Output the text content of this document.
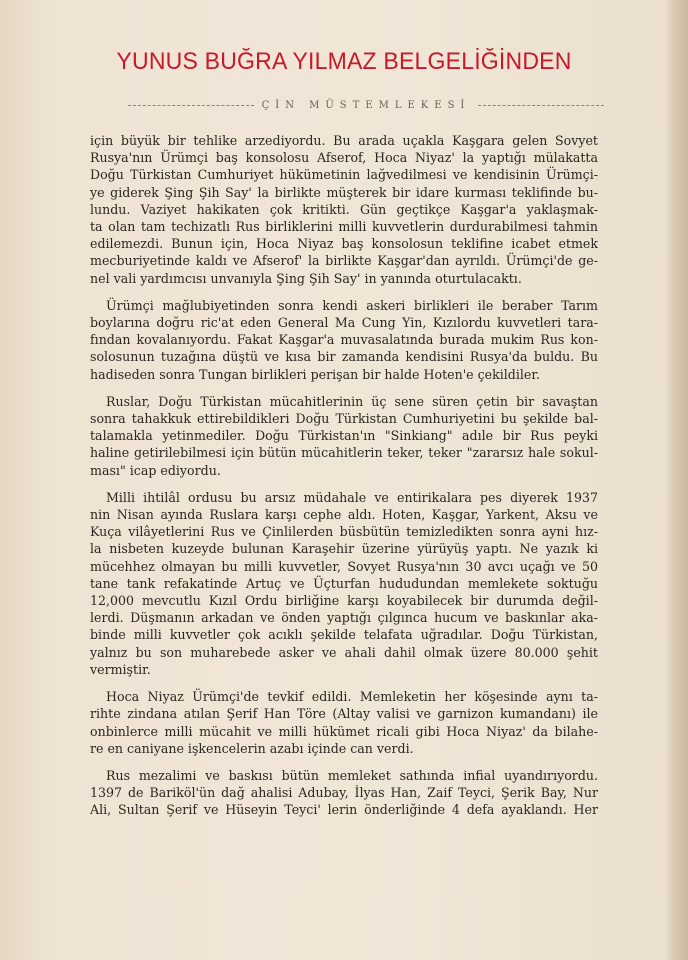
YUNUS BUĞRA YILMAZ BELGELİĞİNDEN
ÇİN MÜSTEMLEKESİ

için büyük bir tehlike arzediyordu. Bu arada uçakla Kaşgara gelen Sovyet
Rusya'nın Ürümçi baş konsolosu Afserof, Hoca Niyaz' la yaptığı mülakatta
Doğu Türkistan Cumhuriyet hükümetinin lağvedilmesi ve kendisinin Ürümçi-
ye giderek Şing Şih Say' la birlikte müşterek bir idare kurması teklifinde bu-
lundu. Vaziyet hakikaten çok kritikti. Gün geçtikçe Kaşgar'a yaklaşmak-
ta olan tam techizatlı Rus birliklerini milli kuvvetlerin durdurabilmesi tahmin
edilemezdi. Bunun için, Hoca Niyaz baş konsolosun teklifine icabet etmek
mecburiyetinde kaldı ve Afserof' la birlikte Kaşgar'dan ayrıldı. Ürümçi'de ge-
nel vali yardımcısı unvanıyla Şing Şih Say' in yanında oturtulacaktı.

Ürümçi mağlubiyetinden sonra kendi askeri birlikleri ile beraber Tarım
boylarına doğru ric'at eden General Ma Cung Yin, Kızılordu kuvvetleri tara-
fından kovalanıyordu. Fakat Kaşgar'a muvasalatında burada mukim Rus kon-
solosunun tuzağına düştü ve kısa bir zamanda kendisini Rusya'da buldu. Bu
hadiseden sonra Tungan birlikleri perişan bir halde Hoten'e çekildiler.

Ruslar, Doğu Türkistan mücahitlerinin üç sene süren çetin bir savaştan
sonra tahakkuk ettirebildikleri Doğu Türkistan Cumhuriyetini bu şekilde bal-
talamakla yetinmediler. Doğu Türkistan'ın "Sinkiang" adıle bir Rus peyki
haline getirilebilmesi için bütün mücahitlerin teker, teker "zararsız hale sokul-
ması" icap ediyordu.

Milli ihtilâl ordusu bu arsız müdahale ve entirikalara pes diyerek 1937
nin Nisan ayında Ruslara karşı cephe aldı. Hoten, Kaşgar, Yarkent, Aksu ve
Kuça vilâyetlerini Rus ve Çinlilerden büsbütün temizledikten sonra ayni hız-
la nisbeten kuzeyde bulunan Karaşehir üzerine yürüyüş yaptı. Ne yazık ki
mücehhez olmayan bu milli kuvvetler, Sovyet Rusya'nın 30 avcı uçağı ve 50
tane tank refakatinde Artuç ve Üçturfan hududundan memlekete soktuğu
12,000 mevcutlu Kızıl Ordu birliğine karşı koyabilecek bir durumda değil-
lerdi. Düşmanın arkadan ve önden yaptığı çılgınca hucum ve baskınlar aka-
binde milli kuvvetler çok acıklı şekilde telafata uğradılar. Doğu Türkistan,
yalnız bu son muharebede asker ve ahali dahil olmak üzere 80.000 şehit
vermiştir.

Hoca Niyaz Ürümçi'de tevkif edildi. Memleketin her köşesinde aynı ta-
rihte zindana atılan Şerif Han Töre (Altay valisi ve garnizon kumandanı) ile
onbinlerce milli mücahit ve milli hükümet ricali gibi Hoca Niyaz' da bilahe-
re en caniyane işkencelerin azabı içinde can verdi.

Rus mezalimi ve baskısı bütün memleket sathında infial uyandırıyordu.
1397 de Bariköl'ün dağ ahalisi Adubay, İlyas Han, Zaif Teyci, Şerik Bay, Nur
Ali, Sultan Şerif ve Hüseyin Teyci' lerin önderliğinde 4 defa ayaklandı. Her
